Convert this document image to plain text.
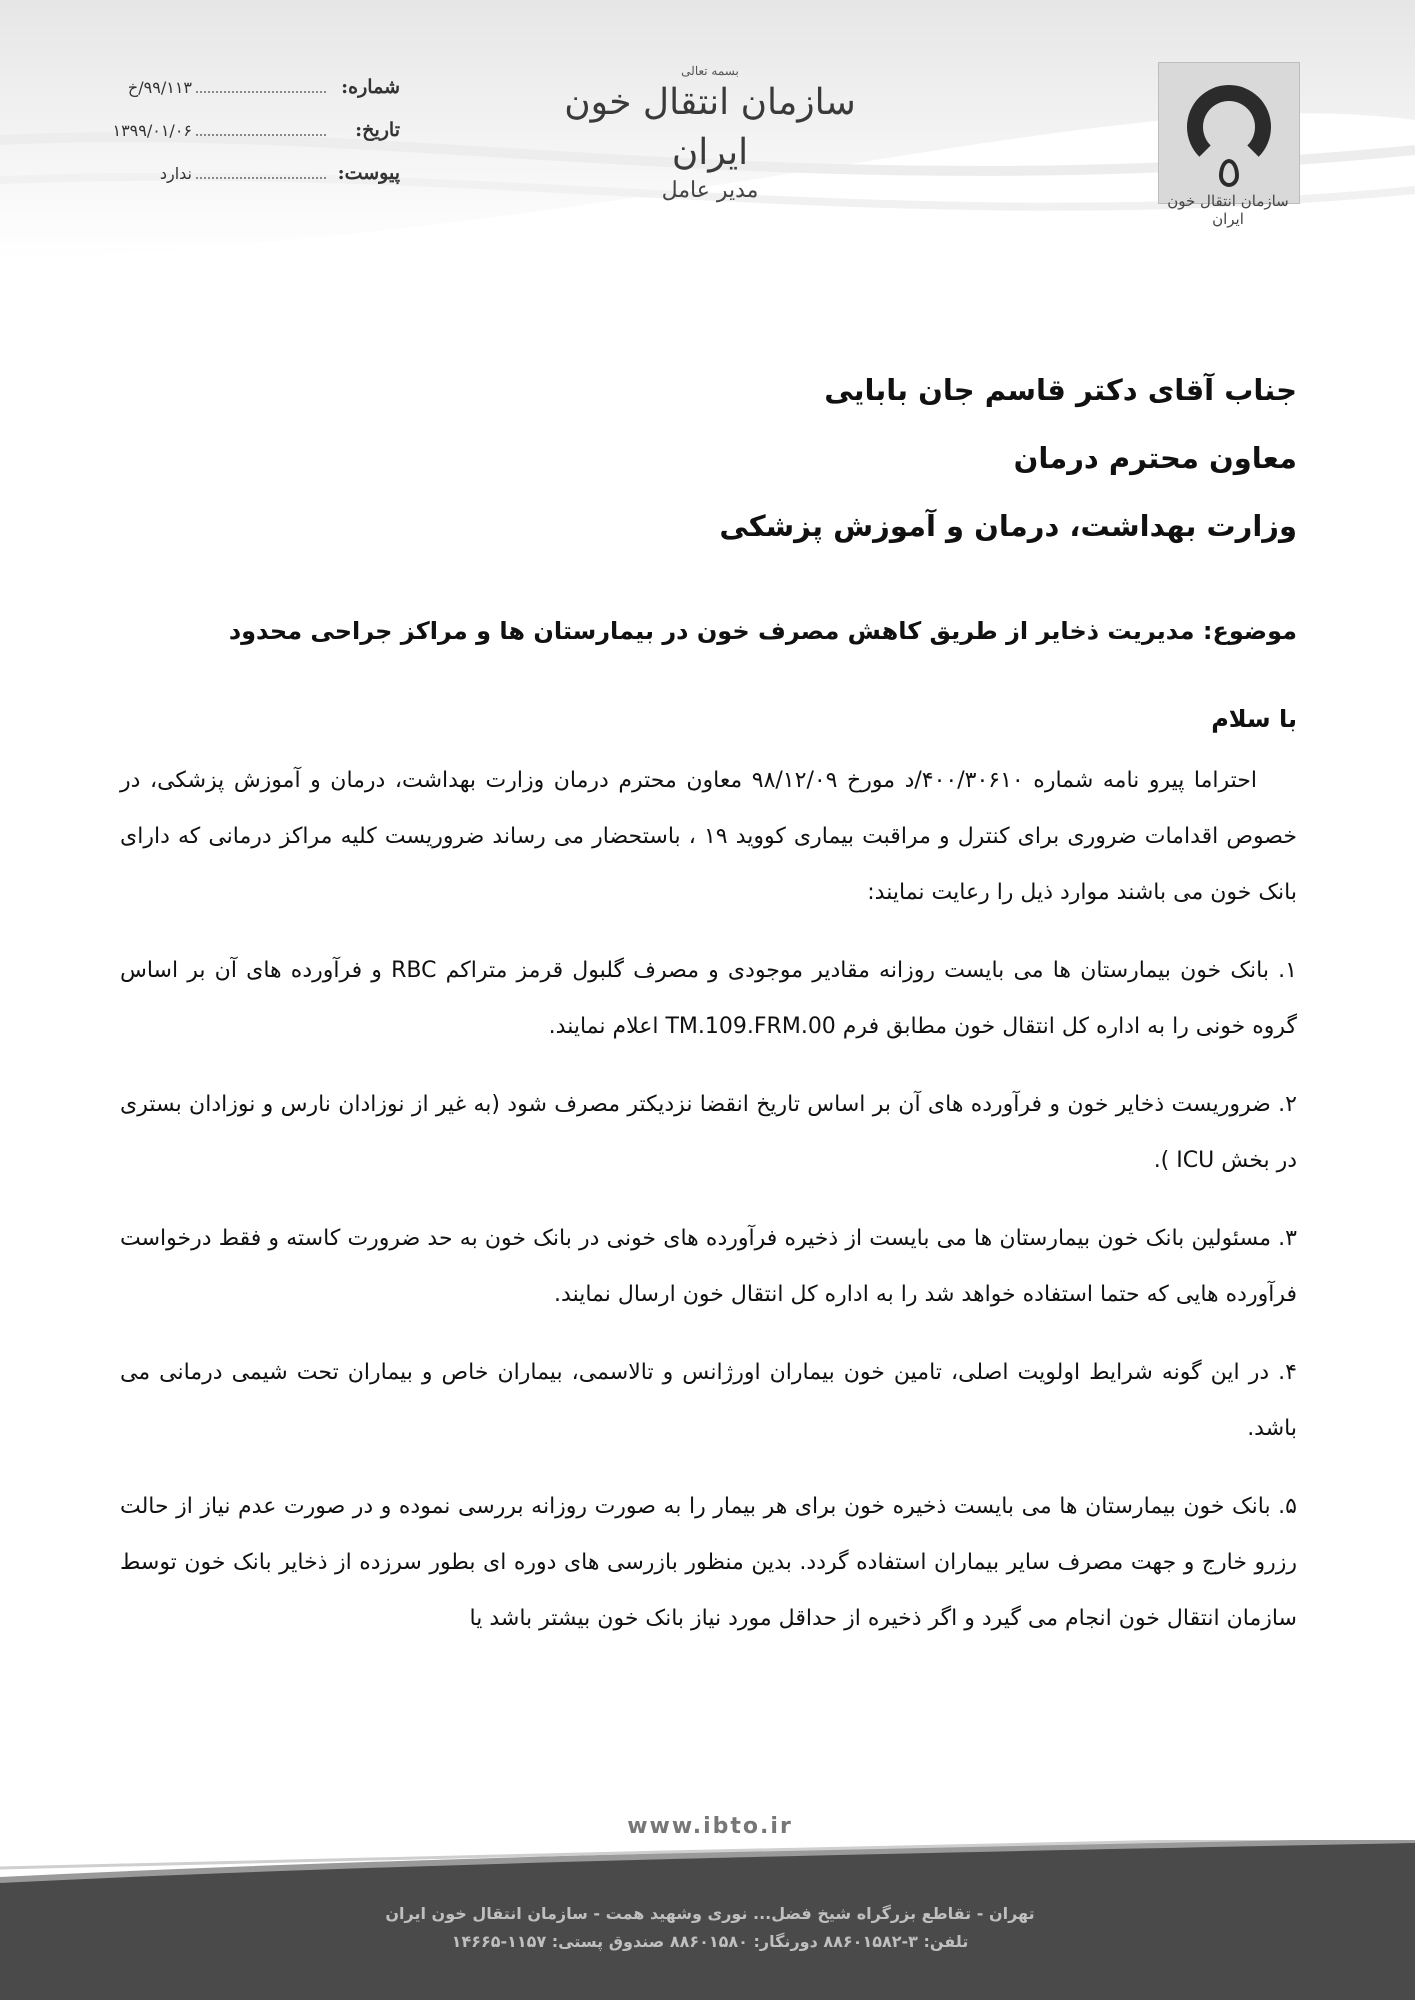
سازمان انتقال خون ایران
بسمه تعالی
سازمان انتقال خون ایران
مدیر عامل
شماره:
۹۹/۱۱۳/خ
تاریخ:
۱۳۹۹/۰۱/۰۶
پیوست:
ندارد
جناب آقای دکتر قاسم جان بابایی
معاون محترم درمان
وزارت بهداشت، درمان و آموزش پزشکی
موضوع: مدیریت ذخایر از طریق کاهش مصرف خون در بیمارستان ها و مراکز جراحی محدود
با سلام

احتراما پیرو نامه شماره ۴۰۰/۳۰۶۱۰/د مورخ ۹۸/۱۲/۰۹ معاون محترم درمان وزارت بهداشت، درمان و آموزش پزشکی، در خصوص اقدامات ضروری برای کنترل و مراقبت بیماری کووید ۱۹ ، باستحضار می رساند ضروریست کلیه مراکز درمانی که دارای بانک خون می باشند موارد ذیل را رعایت نمایند:

۱. بانک خون بیمارستان ها می بایست روزانه مقادیر موجودی و مصرف گلبول قرمز متراکم RBC و فرآورده های آن بر اساس گروه خونی را به اداره کل انتقال خون مطابق فرم 00.TM.109.FRM اعلام نمایند.

۲. ضروریست ذخایر خون و فرآورده های آن بر اساس تاریخ انقضا نزدیکتر مصرف شود (به غیر از نوزادان نارس و نوزادان بستری در بخش ICU ).

۳. مسئولین بانک خون بیمارستان ها می بایست از ذخیره فرآورده های خونی در بانک خون به حد ضرورت کاسته و فقط درخواست فرآورده هایی که حتما استفاده خواهد شد را به اداره کل انتقال خون ارسال نمایند.

۴. در این گونه شرایط اولویت اصلی، تامین خون بیماران اورژانس و تالاسمی، بیماران خاص و بیماران تحت شیمی درمانی می باشد.

۵. بانک خون بیمارستان ها می بایست ذخیره خون برای هر بیمار را به صورت روزانه بررسی نموده و در صورت عدم نیاز از حالت رزرو خارج و جهت مصرف سایر بیماران استفاده گردد. بدین منظور بازرسی های دوره ای بطور سرزده از ذخایر بانک خون توسط سازمان انتقال خون انجام می گیرد و اگر ذخیره از حداقل مورد نیاز بانک خون بیشتر باشد یا

www.ibto.ir
تهران - تقاطع بزرگراه شیخ فضل... نوری وشهید همت - سازمان انتقال خون ایران
تلفن: ۳-۸۸۶۰۱۵۸۲ دورنگار: ۸۸۶۰۱۵۸۰ صندوق پستی: ۱۱۵۷-۱۴۶۶۵
